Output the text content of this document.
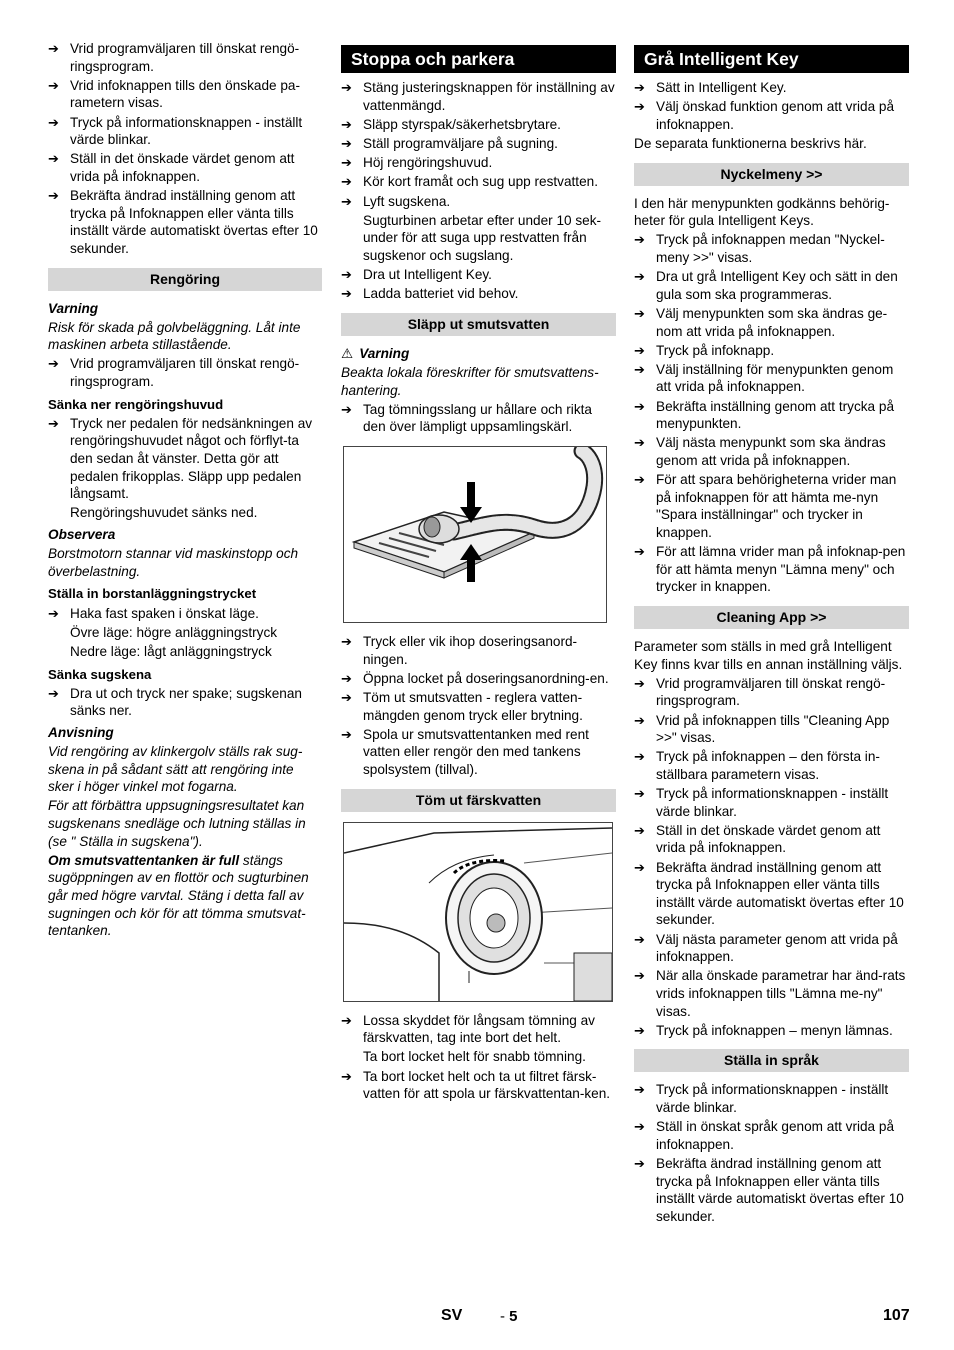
➔ Vrid programväljaren till önskat rengö-ringsprogram.
➔ Vrid infoknappen tills den önskade pa-rametern visas.
➔ Tryck på informationsknappen - inställt värde blinkar.
➔ Ställ in det önskade värdet genom att vrida på infoknappen.
➔ Bekräfta ändrad inställning genom att trycka på Infoknappen eller vänta tills inställt värde automatiskt övertas efter 10 sekunder.
Rengöring
Varning
Risk för skada på golvbeläggning. Låt inte maskinen arbeta stillastående.
➔ Vrid programväljaren till önskat rengö-ringsprogram.
Sänka ner rengöringshuvud
➔ Tryck ner pedalen för nedsänkningen av rengöringshuvudet något och förflyt-ta den sedan åt vänster. Detta gör att pedalen frikopplas. Släpp upp pedalen långsamt.
Rengöringshuvudet sänks ned.
Observera
Borstmotorn stannar vid maskinstopp och överbelastning.
Ställa in borstanläggningstrycket
➔ Haka fast spaken i önskat läge.
Övre läge: högre anläggningstryck
Nedre läge: lågt anläggningstryck
Sänka sugskena
➔ Dra ut och tryck ner spake; sugskenan sänks ner.
Anvisning
Vid rengöring av klinkergolv ställs rak sug-skena in på sådant sätt att rengöring inte sker i höger vinkel mot fogarna.
För att förbättra uppsugningsresultatet kan sugskenans snedläge och lutning ställas in (se " Ställa in sugskena").
Om smutsvattentanken är full stängs sugöppningen av en flottör och sugturbinen går med högre varvtal. Stäng i detta fall av sugningen och kör för att tömma smutsvat-tentanken.
Stoppa och parkera
➔ Stäng justeringsknappen för inställning av vattenmängd.
➔ Släpp styrspak/säkerhetsbrytare.
➔ Ställ programväljare på sugning.
➔ Höj rengöringshuvud.
➔ Kör kort framåt och sug upp restvatten.
➔ Lyft sugskena.
Sugturbinen arbetar efter under 10 sek-under för att suga upp restvatten från sugskenor och sugslang.
➔ Dra ut Intelligent Key.
➔ Ladda batteriet vid behov.
Släpp ut smutsvatten
⚠ Varning
Beakta lokala föreskrifter för smutsvattens-hantering.
➔ Tag tömningsslang ur hållare och rikta den över lämpligt uppsamlingskärl.
➔ Tryck eller vik ihop doseringsanord-ningen.
➔ Öppna locket på doseringsanordning-en.
➔ Töm ut smutsvatten - reglera vatten-mängden genom tryck eller brytning.
➔ Spola ur smutsvattentanken med rent vatten eller rengör den med tankens spolsystem (tillval).
Töm ut färskvatten
➔ Lossa skyddet för långsam tömning av färskvatten, tag inte bort det helt.
Ta bort locket helt för snabb tömning.
➔ Ta bort locket helt och ta ut filtret färsk-vatten för att spola ur färskvattentan-ken.
Grå Intelligent Key
➔ Sätt in Intelligent Key.
➔ Välj önskad funktion genom att vrida på infoknappen.
De separata funktionerna beskrivs här.
Nyckelmeny >>
I den här menypunkten godkänns behörig-heter för gula Intelligent Keys.
➔ Tryck på infoknappen medan "Nyckel-meny >>" visas.
➔ Dra ut grå Intelligent Key och sätt in den gula som ska programmeras.
➔ Välj menypunkten som ska ändras ge-nom att vrida på infoknappen.
➔ Tryck på infoknapp.
➔ Välj inställning för menypunkten genom att vrida på infoknappen.
➔ Bekräfta inställning genom att trycka på menypunkten.
➔ Välj nästa menypunkt som ska ändras genom att vrida på infoknappen.
➔ För att spara behörigheterna vrider man på infoknappen för att hämta me-nyn "Spara inställningar" och trycker in knappen.
➔ För att lämna vrider man på infoknap-pen för att hämta menyn "Lämna meny" och trycker in knappen.
Cleaning App >>
Parameter som ställs in med grå Intelligent Key finns kvar tills en annan inställning väljs.
➔ Vrid programväljaren till önskat rengö-ringsprogram.
➔ Vrid på infoknappen tills "Cleaning App >>" visas.
➔ Tryck på infoknappen – den första in-ställbara parametern visas.
➔ Tryck på informationsknappen - inställt värde blinkar.
➔ Ställ in det önskade värdet genom att vrida på infoknappen.
➔ Bekräfta ändrad inställning genom att trycka på Infoknappen eller vänta tills inställt värde automatiskt övertas efter 10 sekunder.
➔ Välj nästa parameter genom att vrida på infoknappen.
➔ När alla önskade parametrar har änd-rats vrids infoknappen tills "Lämna me-ny" visas.
➔ Tryck på infoknappen – menyn lämnas.
Ställa in språk
➔ Tryck på informationsknappen - inställt värde blinkar.
➔ Ställ in önskat språk genom att vrida på infoknappen.
➔ Bekräfta ändrad inställning genom att trycka på Infoknappen eller vänta tills inställt värde automatiskt övertas efter 10 sekunder.
SV	- 5	107
